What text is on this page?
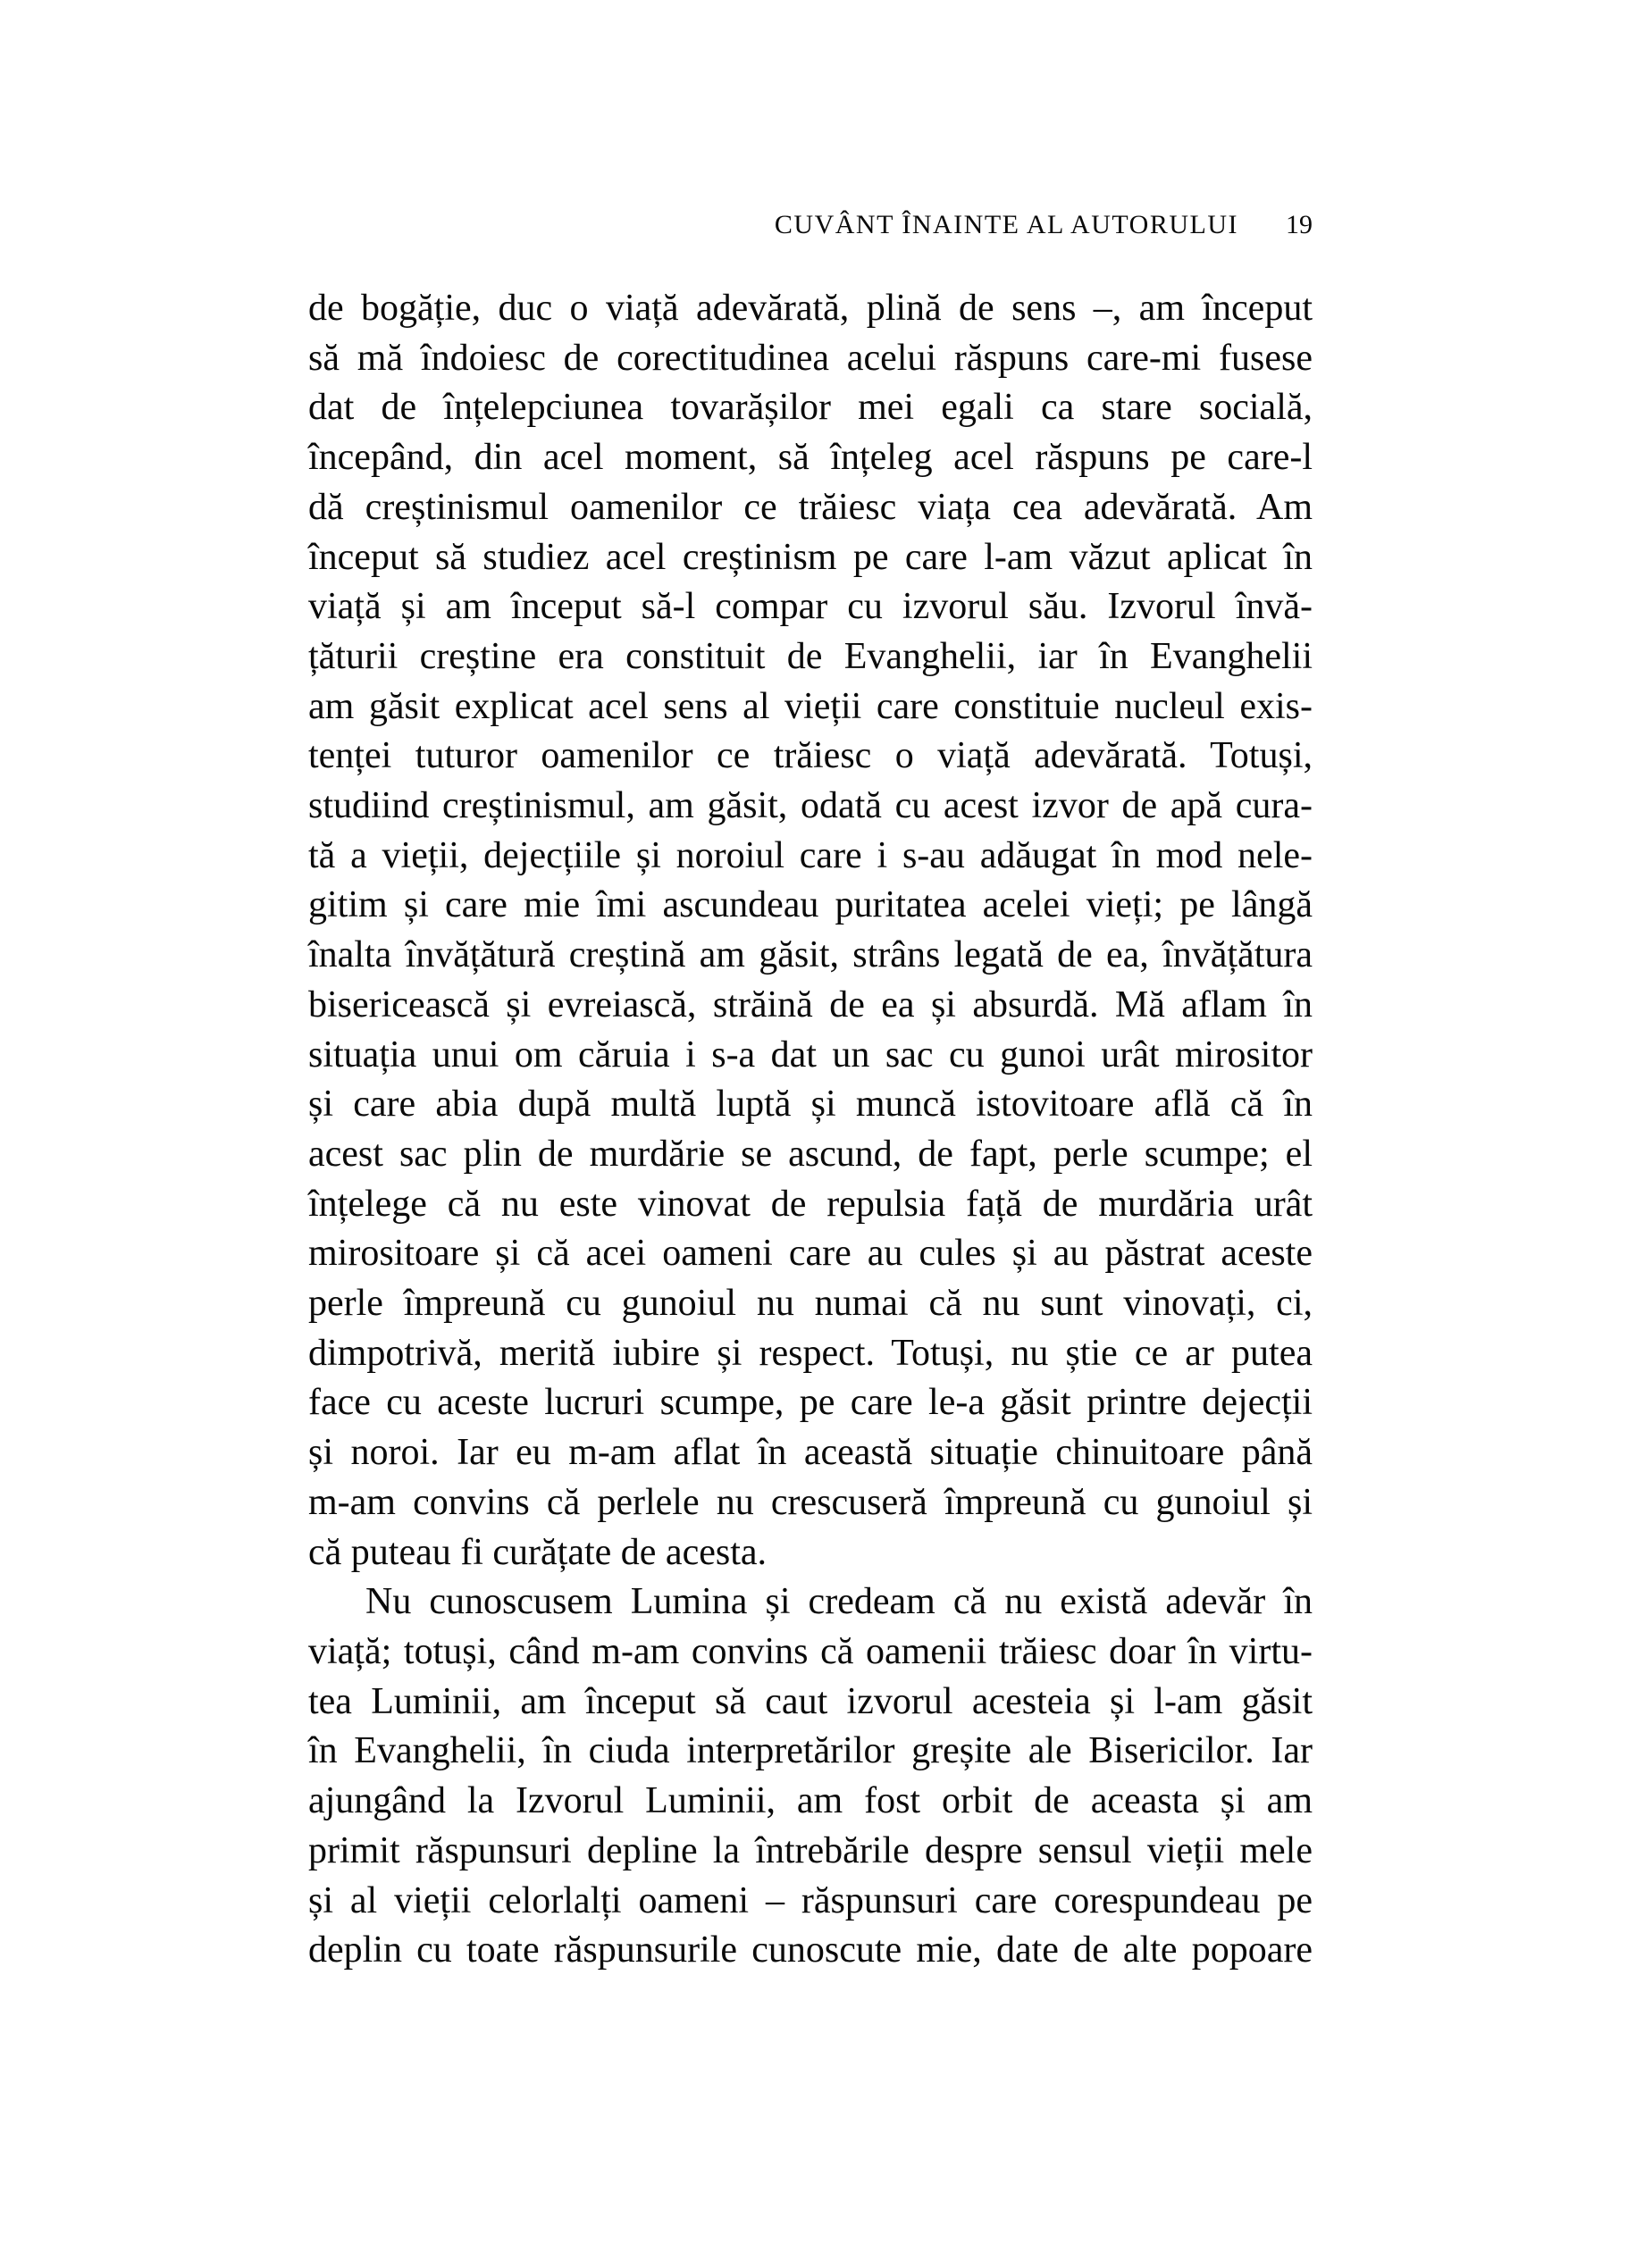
CUVÂNT ÎNAINTE AL AUTORULUI 19
de bogăție, duc o viață adevărată, plină de sens –, am început
să mă îndoiesc de corectitudinea acelui răspuns care-mi fusese
dat de înțelepciunea tovarășilor mei egali ca stare socială,
începând, din acel moment, să înțeleg acel răspuns pe care-l
dă creștinismul oamenilor ce trăiesc viața cea adevărată. Am
început să studiez acel creștinism pe care l-am văzut aplicat în
viață și am început să-l compar cu izvorul său. Izvorul învă-
țăturii creștine era constituit de Evanghelii, iar în Evanghelii
am găsit explicat acel sens al vieții care constituie nucleul exis-
tenței tuturor oamenilor ce trăiesc o viață adevărată. Totuși,
studiind creștinismul, am găsit, odată cu acest izvor de apă cura-
tă a vieții, dejecțiile și noroiul care i s-au adăugat în mod nele-
gitim și care mie îmi ascundeau puritatea acelei vieți; pe lângă
înalta învățătură creștină am găsit, strâns legată de ea, învățătura
bisericească și evreiască, străină de ea și absurdă. Mă aflam în
situația unui om căruia i s-a dat un sac cu gunoi urât mirositor
și care abia după multă luptă și muncă istovitoare află că în
acest sac plin de murdărie se ascund, de fapt, perle scumpe; el
înțelege că nu este vinovat de repulsia față de murdăria urât
mirositoare și că acei oameni care au cules și au păstrat aceste
perle împreună cu gunoiul nu numai că nu sunt vinovați, ci,
dimpotrivă, merită iubire și respect. Totuși, nu știe ce ar putea
face cu aceste lucruri scumpe, pe care le-a găsit printre dejecții
și noroi. Iar eu m-am aflat în această situație chinuitoare până
m-am convins că perlele nu crescuseră împreună cu gunoiul și
că puteau fi curățate de acesta.
Nu cunoscusem Lumina și credeam că nu există adevăr în
viață; totuși, când m-am convins că oamenii trăiesc doar în virtu-
tea Luminii, am început să caut izvorul acesteia și l-am găsit
în Evanghelii, în ciuda interpretărilor greșite ale Bisericilor. Iar
ajungând la Izvorul Luminii, am fost orbit de aceasta și am
primit răspunsuri depline la întrebările despre sensul vieții mele
și al vieții celorlalți oameni – răspunsuri care corespundeau pe
deplin cu toate răspunsurile cunoscute mie, date de alte popoare
